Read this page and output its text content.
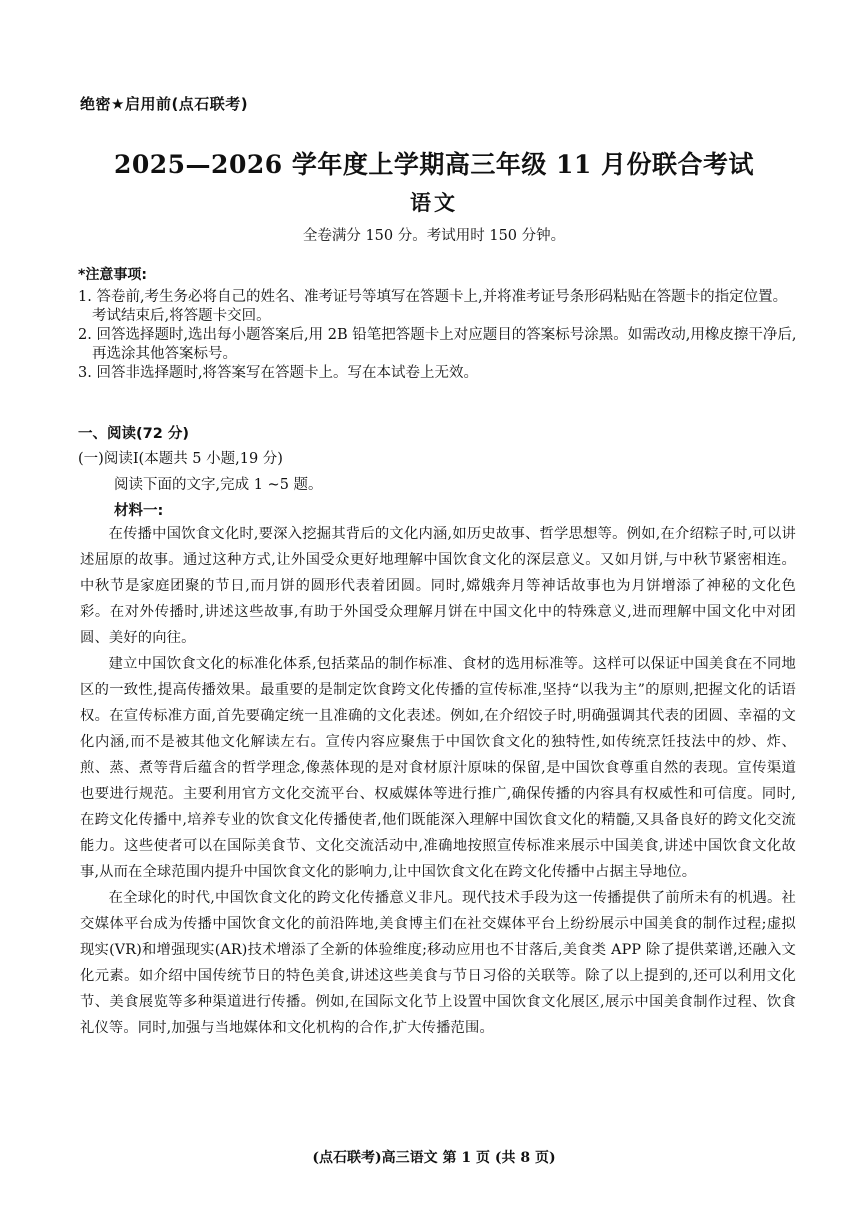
绝密★启用前(点石联考)
2025—2026 学年度上学期高三年级 11 月份联合考试
语文
全卷满分 150 分。考试用时 150 分钟。
*注意事项:
1. 答卷前,考生务必将自己的姓名、准考证号等填写在答题卡上,并将准考证号条形码粘贴在答题卡的指定位置。考试结束后,将答题卡交回。
2. 回答选择题时,选出每小题答案后,用 2B 铅笔把答题卡上对应题目的答案标号涂黑。如需改动,用橡皮擦干净后,再选涂其他答案标号。
3. 回答非选择题时,将答案写在答题卡上。写在本试卷上无效。
一、阅读(72 分)
(一)阅读Ⅰ(本题共 5 小题,19 分)
阅读下面的文字,完成 1 ~5 题。
材料一:

在传播中国饮食文化时,要深入挖掘其背后的文化内涵,如历史故事、哲学思想等。例如,在介绍粽子时,可以讲述屈原的故事。通过这种方式,让外国受众更好地理解中国饮食文化的深层意义。又如月饼,与中秋节紧密相连。中秋节是家庭团聚的节日,而月饼的圆形代表着团圆。同时,嫦娥奔月等神话故事也为月饼增添了神秘的文化色彩。在对外传播时,讲述这些故事,有助于外国受众理解月饼在中国文化中的特殊意义,进而理解中国文化中对团圆、美好的向往。

建立中国饮食文化的标准化体系,包括菜品的制作标准、食材的选用标准等。这样可以保证中国美食在不同地区的一致性,提高传播效果。最重要的是制定饮食跨文化传播的宣传标准,坚持“以我为主”的原则,把握文化的话语权。在宣传标准方面,首先要确定统一且准确的文化表述。例如,在介绍饺子时,明确强调其代表的团圆、幸福的文化内涵,而不是被其他文化解读左右。宣传内容应聚焦于中国饮食文化的独特性,如传统烹饪技法中的炒、炸、煎、蒸、煮等背后蕴含的哲学理念,像蒸体现的是对食材原汁原味的保留,是中国饮食尊重自然的表现。宣传渠道也要进行规范。主要利用官方文化交流平台、权威媒体等进行推广,确保传播的内容具有权威性和可信度。同时,在跨文化传播中,培养专业的饮食文化传播使者,他们既能深入理解中国饮食文化的精髓,又具备良好的跨文化交流能力。这些使者可以在国际美食节、文化交流活动中,准确地按照宣传标准来展示中国美食,讲述中国饮食文化故事,从而在全球范围内提升中国饮食文化的影响力,让中国饮食文化在跨文化传播中占据主导地位。

在全球化的时代,中国饮食文化的跨文化传播意义非凡。现代技术手段为这一传播提供了前所未有的机遇。社交媒体平台成为传播中国饮食文化的前沿阵地,美食博主们在社交媒体平台上纷纷展示中国美食的制作过程;虚拟现实(VR)和增强现实(AR)技术增添了全新的体验维度;移动应用也不甘落后,美食类 APP 除了提供菜谱,还融入文化元素。如介绍中国传统节日的特色美食,讲述这些美食与节日习俗的关联等。除了以上提到的,还可以利用文化节、美食展览等多种渠道进行传播。例如,在国际文化节上设置中国饮食文化展区,展示中国美食制作过程、饮食礼仪等。同时,加强与当地媒体和文化机构的合作,扩大传播范围。

(点石联考)高三语文 第 1 页 (共 8 页)
